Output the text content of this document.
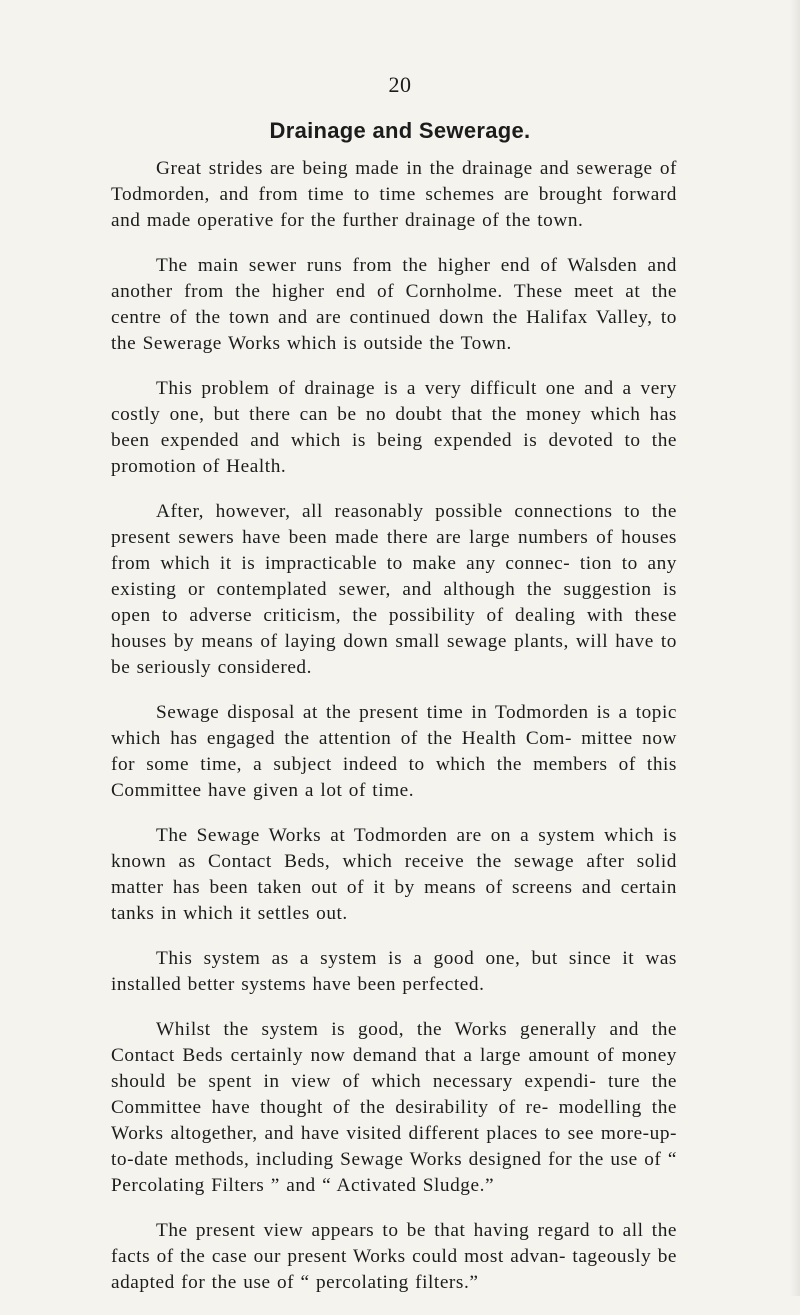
20
Drainage and Sewerage.

Great strides are being made in the drainage and sewerage of Todmorden, and from time to time schemes are brought forward and made operative for the further drainage of the town.

The main sewer runs from the higher end of Walsden and another from the higher end of Cornholme. These meet at the centre of the town and are continued down the Halifax Valley, to the Sewerage Works which is outside the Town.

This problem of drainage is a very difficult one and a very costly one, but there can be no doubt that the money which has been expended and which is being expended is devoted to the promotion of Health.

After, however, all reasonably possible connections to the present sewers have been made there are large numbers of houses from which it is impracticable to make any connec- tion to any existing or contemplated sewer, and although the suggestion is open to adverse criticism, the possibility of dealing with these houses by means of laying down small sewage plants, will have to be seriously considered.

Sewage disposal at the present time in Todmorden is a topic which has engaged the attention of the Health Com- mittee now for some time, a subject indeed to which the members of this Committee have given a lot of time.

The Sewage Works at Todmorden are on a system which is known as Contact Beds, which receive the sewage after solid matter has been taken out of it by means of screens and certain tanks in which it settles out.

This system as a system is a good one, but since it was installed better systems have been perfected.

Whilst the system is good, the Works generally and the Contact Beds certainly now demand that a large amount of money should be spent in view of which necessary expendi- ture the Committee have thought of the desirability of re- modelling the Works altogether, and have visited different places to see more-up-to-date methods, including Sewage Works designed for the use of “ Percolating Filters ” and “ Activated Sludge.”

The present view appears to be that having regard to all the facts of the case our present Works could most advan- tageously be adapted for the use of “ percolating filters.”
